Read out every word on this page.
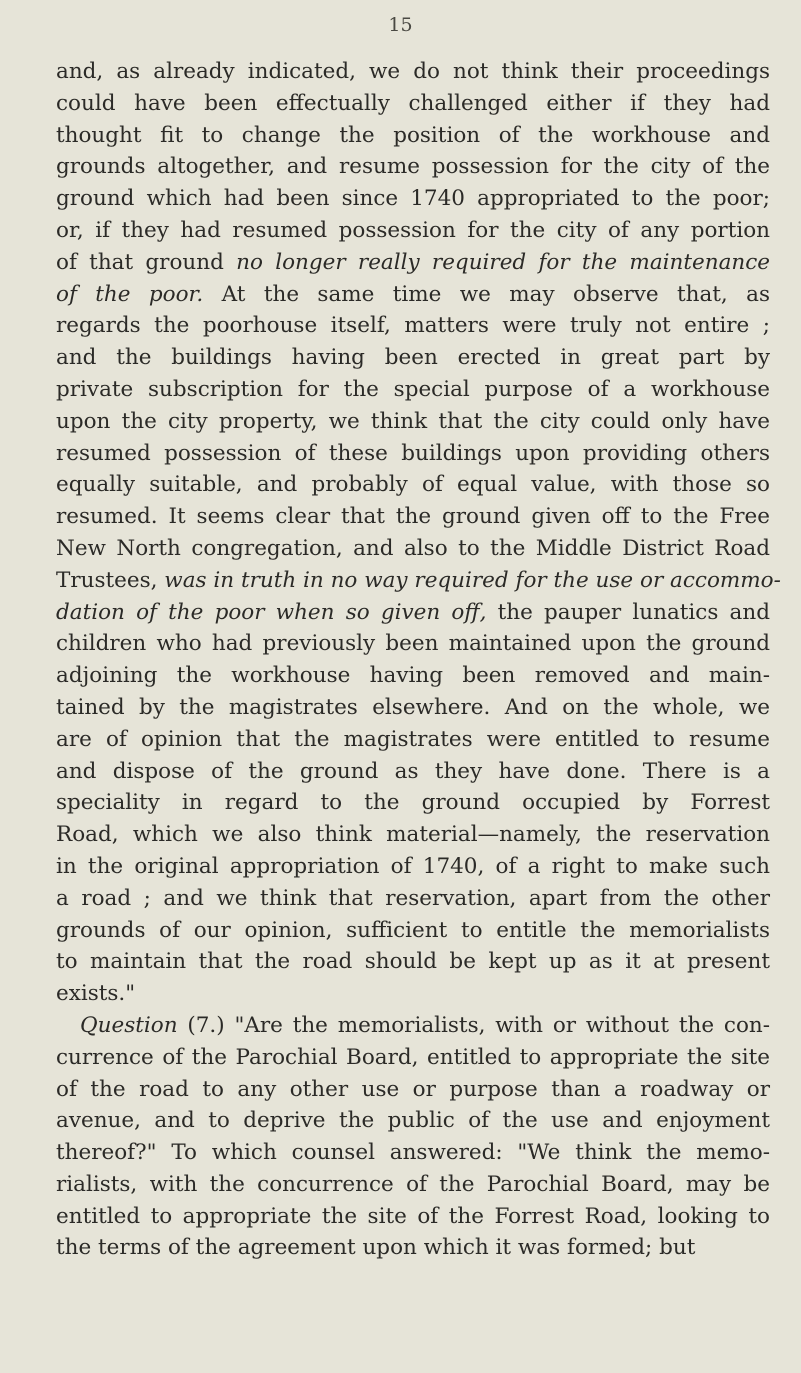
15
and, as already indicated, we do not think their proceedings
could have been effectually challenged either if they had
thought fit to change the position of the workhouse and
grounds altogether, and resume possession for the city of the
ground which had been since 1740 appropriated to the poor;
or, if they had resumed possession for the city of any portion
of that ground no longer really required for the maintenance
of the poor. At the same time we may observe that, as
regards the poorhouse itself, matters were truly not entire ;
and the buildings having been erected in great part by
private subscription for the special purpose of a workhouse
upon the city property, we think that the city could only have
resumed possession of these buildings upon providing others
equally suitable, and probably of equal value, with those so
resumed. It seems clear that the ground given off to the Free
New North congregation, and also to the Middle District Road
Trustees, was in truth in no way required for the use or accommo-
dation of the poor when so given off, the pauper lunatics and
children who had previously been maintained upon the ground
adjoining the workhouse having been removed and main-
tained by the magistrates elsewhere. And on the whole, we
are of opinion that the magistrates were entitled to resume
and dispose of the ground as they have done. There is a
speciality in regard to the ground occupied by Forrest
Road, which we also think material—namely, the reservation
in the original appropriation of 1740, of a right to make such
a road ; and we think that reservation, apart from the other
grounds of our opinion, sufficient to entitle the memorialists
to maintain that the road should be kept up as it at present
exists."
Question (7.) "Are the memorialists, with or without the con-
currence of the Parochial Board, entitled to appropriate the site
of the road to any other use or purpose than a roadway or
avenue, and to deprive the public of the use and enjoyment
thereof?" To which counsel answered: "We think the memo-
rialists, with the concurrence of the Parochial Board, may be
entitled to appropriate the site of the Forrest Road, looking to
the terms of the agreement upon which it was formed; but
